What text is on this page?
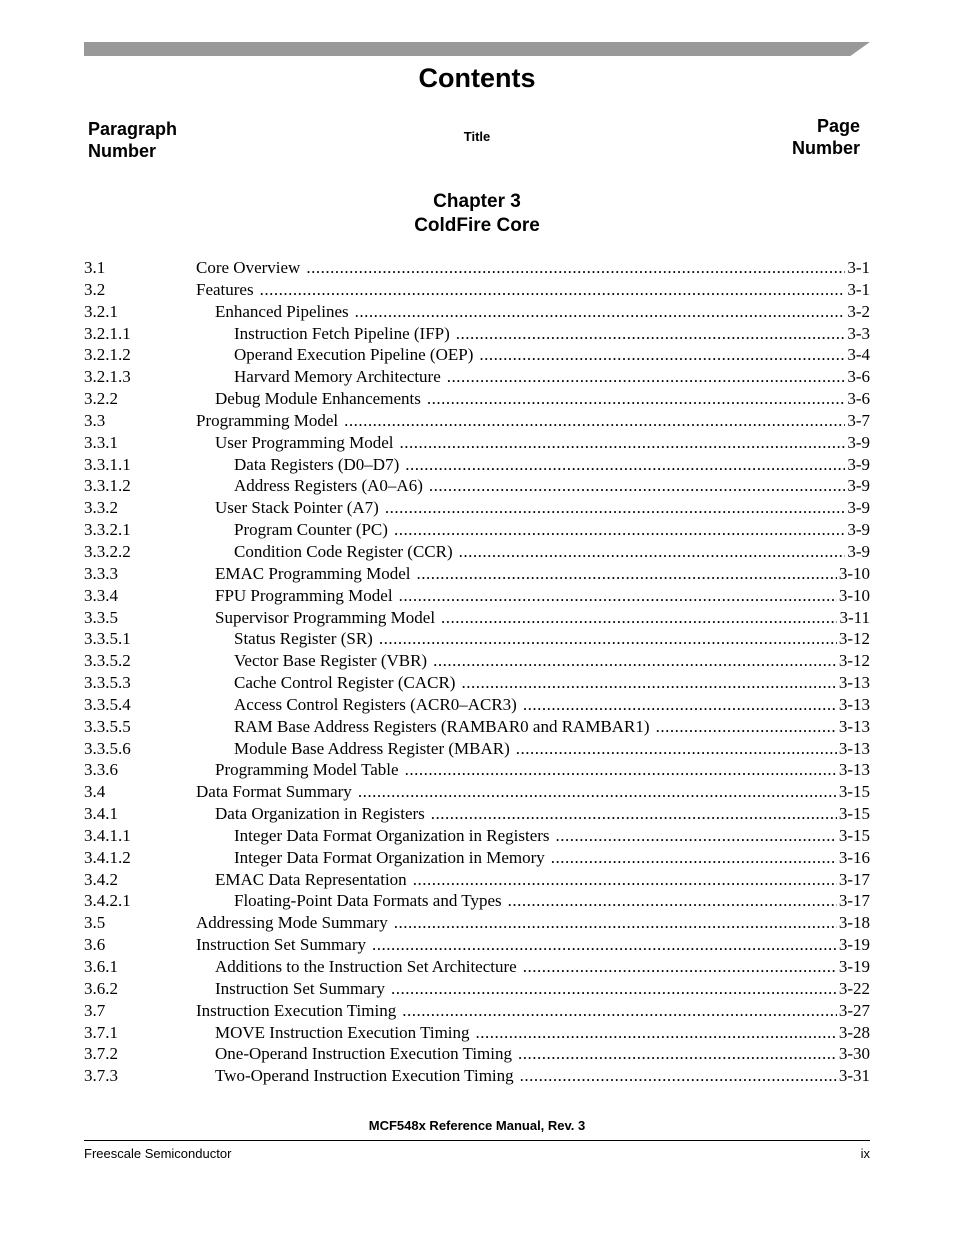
Contents
Paragraph
Number
Title
Page
Number
Chapter 3
ColdFire Core
3.1	Core Overview .....	3-1
3.2	Features .....	3-1
3.2.1	Enhanced Pipelines .....	3-2
3.2.1.1	Instruction Fetch Pipeline (IFP) .....	3-3
3.2.1.2	Operand Execution Pipeline (OEP) .....	3-4
3.2.1.3	Harvard Memory Architecture .....	3-6
3.2.2	Debug Module Enhancements .....	3-6
3.3	Programming Model .....	3-7
3.3.1	User Programming Model .....	3-9
3.3.1.1	Data Registers (D0–D7) .....	3-9
3.3.1.2	Address Registers (A0–A6) .....	3-9
3.3.2	User Stack Pointer (A7) .....	3-9
3.3.2.1	Program Counter (PC) .....	3-9
3.3.2.2	Condition Code Register (CCR) .....	3-9
3.3.3	EMAC Programming Model .....	3-10
3.3.4	FPU Programming Model .....	3-10
3.3.5	Supervisor Programming Model .....	3-11
3.3.5.1	Status Register (SR) .....	3-12
3.3.5.2	Vector Base Register (VBR) .....	3-12
3.3.5.3	Cache Control Register (CACR) .....	3-13
3.3.5.4	Access Control Registers (ACR0–ACR3) .....	3-13
3.3.5.5	RAM Base Address Registers (RAMBAR0 and RAMBAR1) .....	3-13
3.3.5.6	Module Base Address Register (MBAR) .....	3-13
3.3.6	Programming Model Table .....	3-13
3.4	Data Format Summary .....	3-15
3.4.1	Data Organization in Registers .....	3-15
3.4.1.1	Integer Data Format Organization in Registers .....	3-15
3.4.1.2	Integer Data Format Organization in Memory .....	3-16
3.4.2	EMAC Data Representation .....	3-17
3.4.2.1	Floating-Point Data Formats and Types .....	3-17
3.5	Addressing Mode Summary .....	3-18
3.6	Instruction Set Summary .....	3-19
3.6.1	Additions to the Instruction Set Architecture .....	3-19
3.6.2	Instruction Set Summary .....	3-22
3.7	Instruction Execution Timing .....	3-27
3.7.1	MOVE Instruction Execution Timing .....	3-28
3.7.2	One-Operand Instruction Execution Timing .....	3-30
3.7.3	Two-Operand Instruction Execution Timing .....	3-31
MCF548x Reference Manual, Rev. 3
Freescale Semiconductor	ix
